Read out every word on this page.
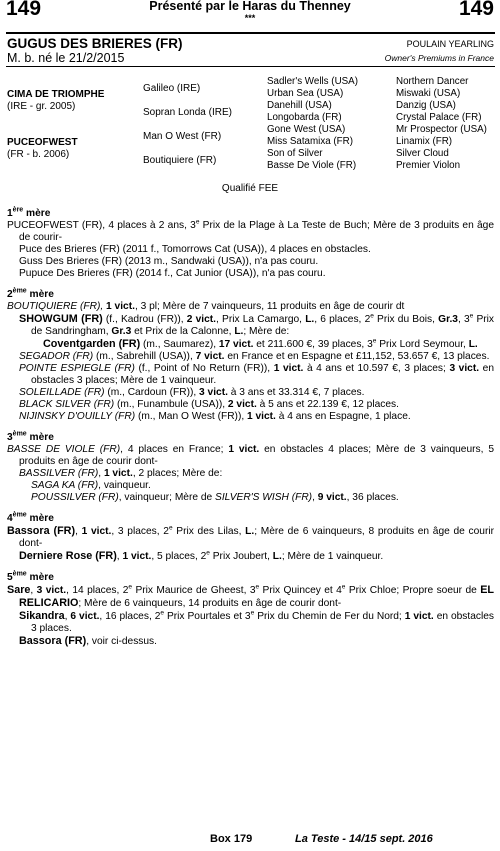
149	149
Présenté par le Haras du Thenney
***
GUGUS DES BRIERES (FR)
M. b. né le 21/2/2015
POULAIN YEARLING
Owner's Premiums in France
CIMA DE TRIOMPHE
(IRE - gr. 2005)
PUCEOFWEST
(FR - b. 2006)
Galileo (IRE)
Sopran Londa (IRE)
Man O West (FR)
Boutiquiere (FR)
Sadler's Wells (USA)
Urban Sea (USA)
Danehill (USA)
Longobarda (FR)
Gone West (USA)
Miss Satamixa (FR)
Son of Silver
Basse De Viole (FR)
Northern Dancer
Miswaki (USA)
Danzig (USA)
Crystal Palace (FR)
Mr Prospector (USA)
Linamix (FR)
Silver Cloud
Premier Violon
Qualifié FEE
1ère mère

PUCEOFWEST (FR), 4 places à 2 ans, 3e Prix de la Plage à La Teste de Buch; Mère de 3 produits en âge de courir-

Puce des Brieres (FR) (2011 f., Tomorrows Cat (USA)), 4 places en obstacles.

Guss Des Brieres (FR) (2013 m., Sandwaki (USA)), n'a pas couru.

Pupuce Des Brieres (FR) (2014 f., Cat Junior (USA)), n'a pas couru.

2ème mère

BOUTIQUIERE (FR), 1 vict., 3 pl; Mère de 7 vainqueurs, 11 produits en âge de courir dt

SHOWGUM (FR) (f., Kadrou (FR)), 2 vict., Prix La Camargo, L., 6 places, 2e Prix du Bois, Gr.3, 3e Prix de Sandringham, Gr.3 et Prix de la Calonne, L.; Mère de:

Coventgarden (FR) (m., Saumarez), 17 vict. et 211.600 €, 39 places, 3e Prix Lord Seymour, L.

SEGADOR (FR) (m., Sabrehill (USA)), 7 vict. en France et en Espagne et £11,152, 53.657 €, 13 places.

POINTE ESPIEGLE (FR) (f., Point of No Return (FR)), 1 vict. à 4 ans et 10.597 €, 3 places; 3 vict. en obstacles 3 places; Mère de 1 vainqueur.

SOLEILLADE (FR) (m., Cardoun (FR)), 3 vict. à 3 ans et 33.314 €, 7 places.

BLACK SILVER (FR) (m., Funambule (USA)), 2 vict. à 5 ans et 22.139 €, 12 places.

NIJINSKY D'OUILLY (FR) (m., Man O West (FR)), 1 vict. à 4 ans en Espagne, 1 place.

3ème mère

BASSE DE VIOLE (FR), 4 places en France; 1 vict. en obstacles 4 places; Mère de 3 vainqueurs, 5 produits en âge de courir dont-

BASSILVER (FR), 1 vict., 2 places; Mère de:

SAGA KA (FR), vainqueur.

POUSSILVER (FR), vainqueur; Mère de SILVER'S WISH (FR), 9 vict., 36 places.

4ème mère

Bassora (FR), 1 vict., 3 places, 2e Prix des Lilas, L.; Mère de 6 vainqueurs, 8 produits en âge de courir dont-

Derniere Rose (FR), 1 vict., 5 places, 2e Prix Joubert, L.; Mère de 1 vainqueur.

5ème mère

Sare, 3 vict., 14 places, 2e Prix Maurice de Gheest, 3e Prix Quincey et 4e Prix Chloe; Propre soeur de EL RELICARIO; Mère de 6 vainqueurs, 14 produits en âge de courir dont-

Sikandra, 6 vict., 16 places, 2e Prix Pourtales et 3e Prix du Chemin de Fer du Nord; 1 vict. en obstacles 3 places.

Bassora (FR), voir ci-dessus.

Box 179	La Teste - 14/15 sept. 2016
